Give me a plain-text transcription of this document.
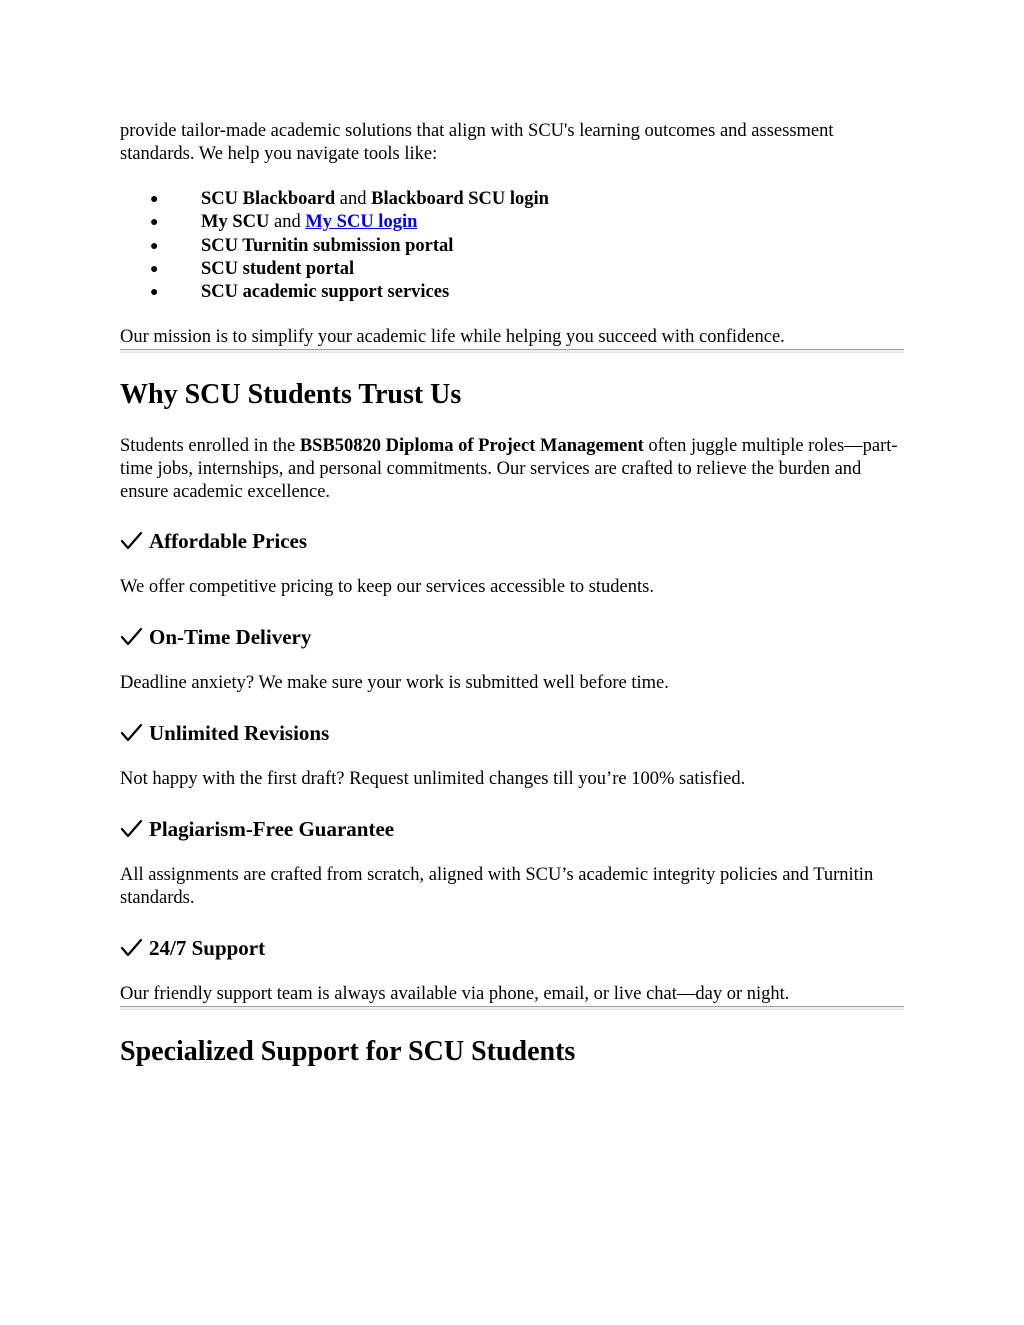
provide tailor-made academic solutions that align with SCU's learning outcomes and assessment standards. We help you navigate tools like:

● SCU Blackboard and Blackboard SCU login
● My SCU and My SCU login
● SCU Turnitin submission portal
● SCU student portal
● SCU academic support services

Our mission is to simplify your academic life while helping you succeed with confidence.

Why SCU Students Trust Us

Students enrolled in the BSB50820 Diploma of Project Management often juggle multiple roles—part-time jobs, internships, and personal commitments. Our services are crafted to relieve the burden and ensure academic excellence.

Affordable Prices

We offer competitive pricing to keep our services accessible to students.

On-Time Delivery

Deadline anxiety? We make sure your work is submitted well before time.

Unlimited Revisions

Not happy with the first draft? Request unlimited changes till you’re 100% satisfied.

Plagiarism-Free Guarantee

All assignments are crafted from scratch, aligned with SCU’s academic integrity policies and Turnitin standards.

24/7 Support

Our friendly support team is always available via phone, email, or live chat—day or night.

Specialized Support for SCU Students
